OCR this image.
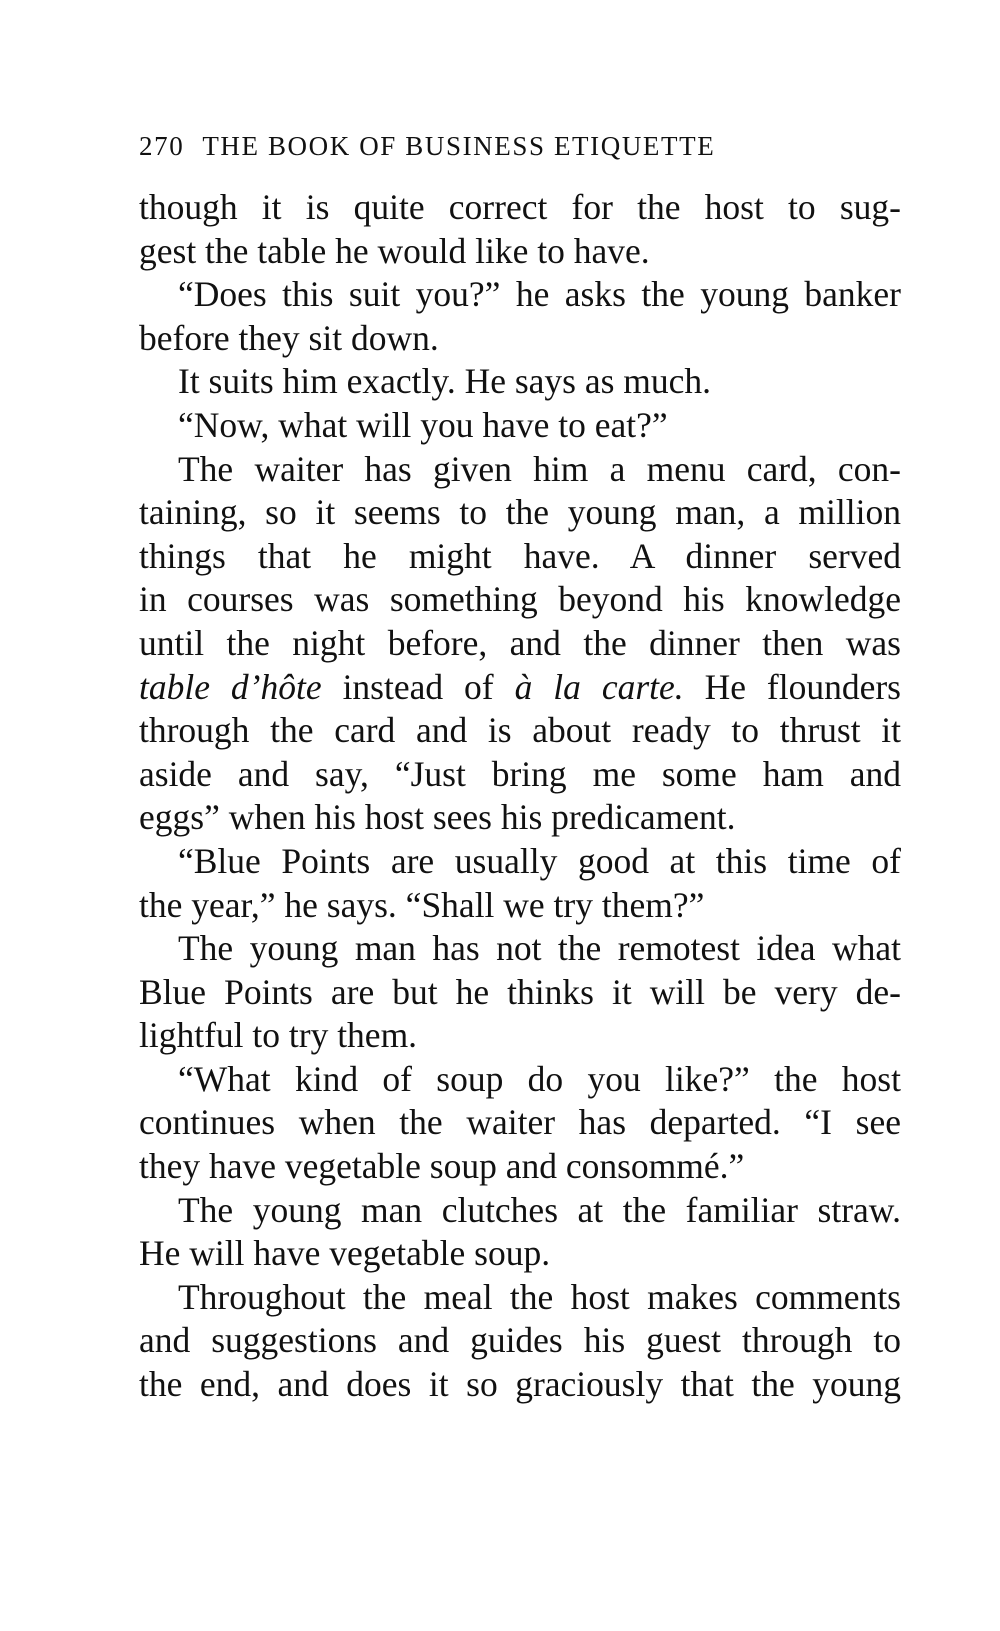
270 THE BOOK OF BUSINESS ETIQUETTE
though it is quite correct for the host to sug-
gest the table he would like to have.
“Does this suit you?” he asks the young banker
before they sit down.
It suits him exactly. He says as much.
“Now, what will you have to eat?”
The waiter has given him a menu card, con-
taining, so it seems to the young man, a million
things that he might have. A dinner served
in courses was something beyond his knowledge
until the night before, and the dinner then was
table d’hôte instead of à la carte. He flounders
through the card and is about ready to thrust it
aside and say, “Just bring me some ham and
eggs” when his host sees his predicament.
“Blue Points are usually good at this time of
the year,” he says. “Shall we try them?”
The young man has not the remotest idea what
Blue Points are but he thinks it will be very de-
lightful to try them.
“What kind of soup do you like?” the host
continues when the waiter has departed. “I see
they have vegetable soup and consommé.”
The young man clutches at the familiar straw.
He will have vegetable soup.
Throughout the meal the host makes comments
and suggestions and guides his guest through to
the end, and does it so graciously that the young
